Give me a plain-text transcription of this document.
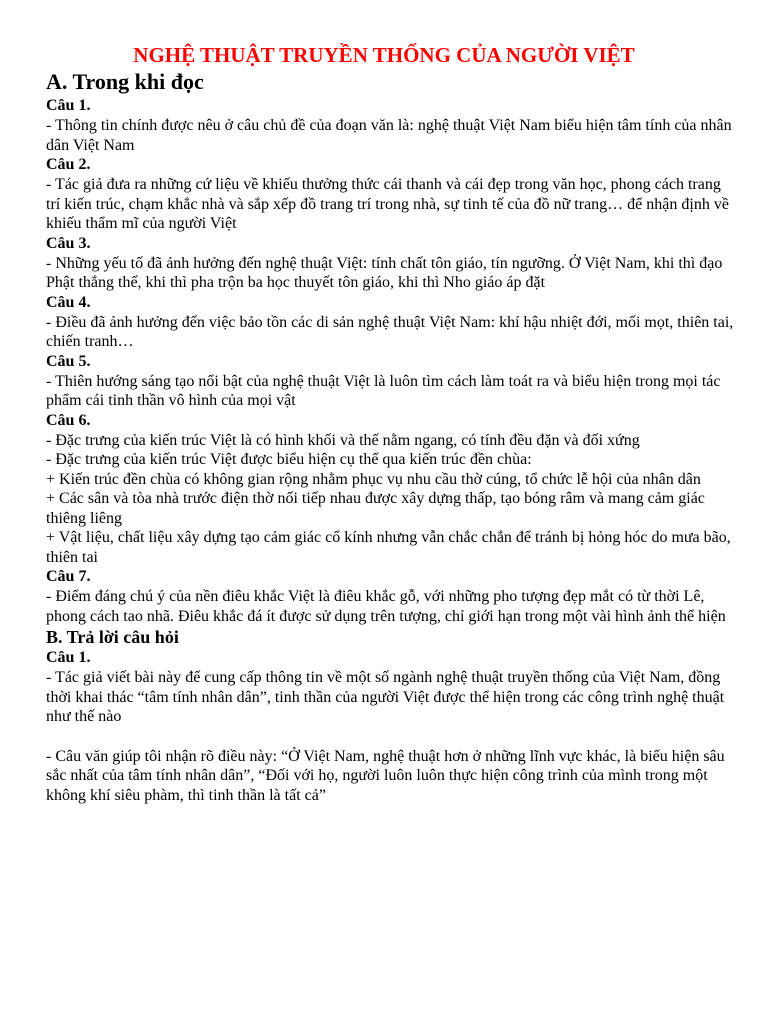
NGHỆ THUẬT TRUYỀN THỐNG CỦA NGƯỜI VIỆT
A. Trong khi đọc
Câu 1.

- Thông tin chính được nêu ở câu chủ đề của đoạn văn là: nghệ thuật Việt Nam biểu hiện tâm tính của nhân dân Việt Nam

Câu 2.

- Tác giả đưa ra những cứ liệu về khiếu thưởng thức cái thanh và cái đẹp trong văn học, phong cách trang trí kiến trúc, chạm khắc nhà và sắp xếp đồ trang trí trong nhà, sự tinh tế của đồ nữ trang… để nhận định về khiếu thẩm mĩ của người Việt

Câu 3.

- Những yếu tố đã ảnh hưởng đến nghệ thuật Việt: tính chất tôn giáo, tín ngưỡng. Ở Việt Nam, khi thì đạo Phật thắng thế, khi thì pha trộn ba học thuyết tôn giáo, khi thì Nho giáo áp đặt

Câu 4.

- Điều đã ảnh hưởng đến việc bảo tồn các di sản nghệ thuật Việt Nam: khí hậu nhiệt đới, mối mọt, thiên tai, chiến tranh…

Câu 5.

- Thiên hướng sáng tạo nổi bật của nghệ thuật Việt là luôn tìm cách làm toát ra và biểu hiện trong mọi tác phẩm cái tinh thần vô hình của mọi vật

Câu 6.

- Đặc trưng của kiến trúc Việt là có hình khối và thế nằm ngang, có tính đều đặn và đối xứng

- Đặc trưng của kiến trúc Việt được biểu hiện cụ thể qua kiến trúc đền chùa:

+ Kiến trúc đền chùa có không gian rộng nhằm phục vụ nhu cầu thờ cúng, tổ chức lễ hội của nhân dân

+ Các sân và tòa nhà trước điện thờ nối tiếp nhau được xây dựng thấp, tạo bóng râm và mang cảm giác thiêng liêng

+ Vật liệu, chất liệu xây dựng tạo cảm giác cổ kính nhưng vẫn chắc chắn để tránh bị hỏng hóc do mưa bão, thiên tai

Câu 7.

- Điểm đáng chú ý của nền điêu khắc Việt là điêu khắc gỗ, với những pho tượng đẹp mắt có từ thời Lê, phong cách tao nhã. Điêu khắc đá ít được sử dụng trên tượng, chỉ giới hạn trong một vài hình ảnh thể hiện

B. Trả lời câu hỏi
Câu 1.

- Tác giả viết bài này để cung cấp thông tin về một số ngành nghệ thuật truyền thống của Việt Nam, đồng thời khai thác “tâm tính nhân dân”, tinh thần của người Việt được thể hiện trong các công trình nghệ thuật như thế nào

- Câu văn giúp tôi nhận rõ điều này: “Ở Việt Nam, nghệ thuật hơn ở những lĩnh vực khác, là biểu hiện sâu sắc nhất của tâm tính nhân dân”, “Đối với họ, người luôn luôn thực hiện công trình của mình trong một không khí siêu phàm, thì tinh thần là tất cả”
